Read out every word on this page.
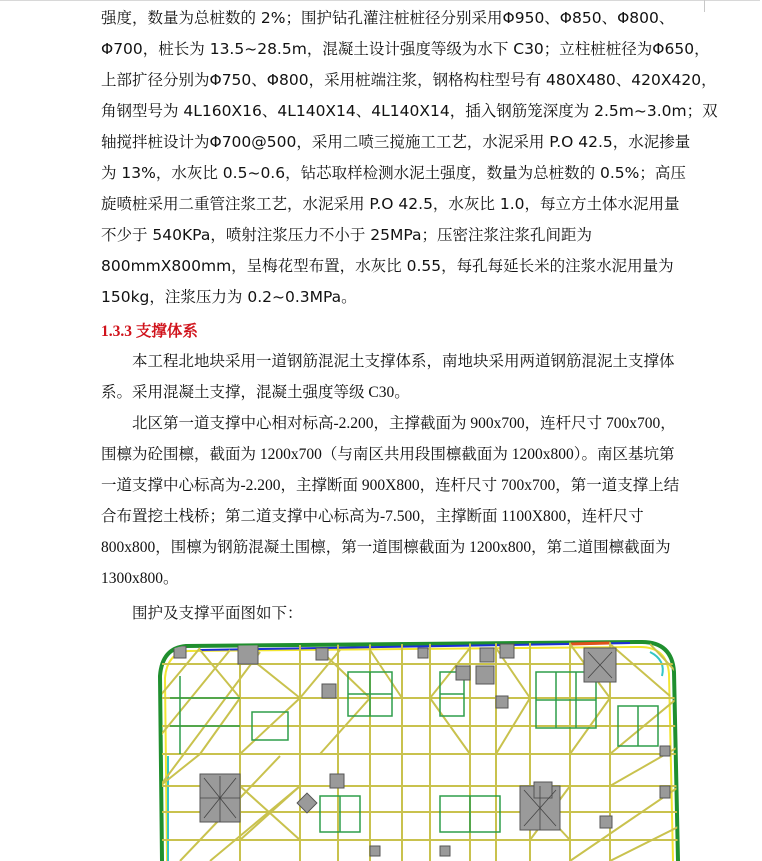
强度，数量为总桩数的 2%；围护钻孔灌注桩桩径分别采用Φ950、Φ850、Φ800、
Φ700，桩长为 13.5~28.5m，混凝土设计强度等级为水下 C30；立柱桩桩径为Φ650，
上部扩径分别为Φ750、Φ800，采用桩端注浆，钢格构柱型号有 480X480、420X420，
角钢型号为 4L160X16、4L140X14、4L140X14，插入钢筋笼深度为 2.5m~3.0m；双
轴搅拌桩设计为Φ700@500，采用二喷三搅施工工艺，水泥采用 P.O 42.5，水泥掺量
为 13%，水灰比 0.5~0.6，钻芯取样检测水泥土强度，数量为总桩数的 0.5%；高压
旋喷桩采用二重管注浆工艺，水泥采用 P.O 42.5，水灰比 1.0，每立方土体水泥用量
不少于 540KPa，喷射注浆压力不小于 25MPa；压密注浆注浆孔间距为
800mmX800mm，呈梅花型布置，水灰比 0.55，每孔每延长米的注浆水泥用量为
150kg，注浆压力为 0.2~0.3MPa。

1.3.3 支撑体系

本工程北地块采用一道钢筋混泥土支撑体系，南地块采用两道钢筋混泥土支撑体
系。采用混凝土支撑，混凝土强度等级 C30。

北区第一道支撑中心相对标高-2.200，主撑截面为 900x700，连杆尺寸 700x700，
围檩为砼围檩，截面为 1200x700（与南区共用段围檩截面为 1200x800）。南区基坑第
一道支撑中心标高为-2.200，主撑断面 900X800，连杆尺寸 700x700，第一道支撑上结
合布置挖土栈桥；第二道支撑中心标高为-7.500，主撑断面 1100X800，连杆尺寸
800x800，围檩为钢筋混凝土围檩，第一道围檩截面为 1200x800，第二道围檩截面为
1300x800。

围护及支撑平面图如下：
